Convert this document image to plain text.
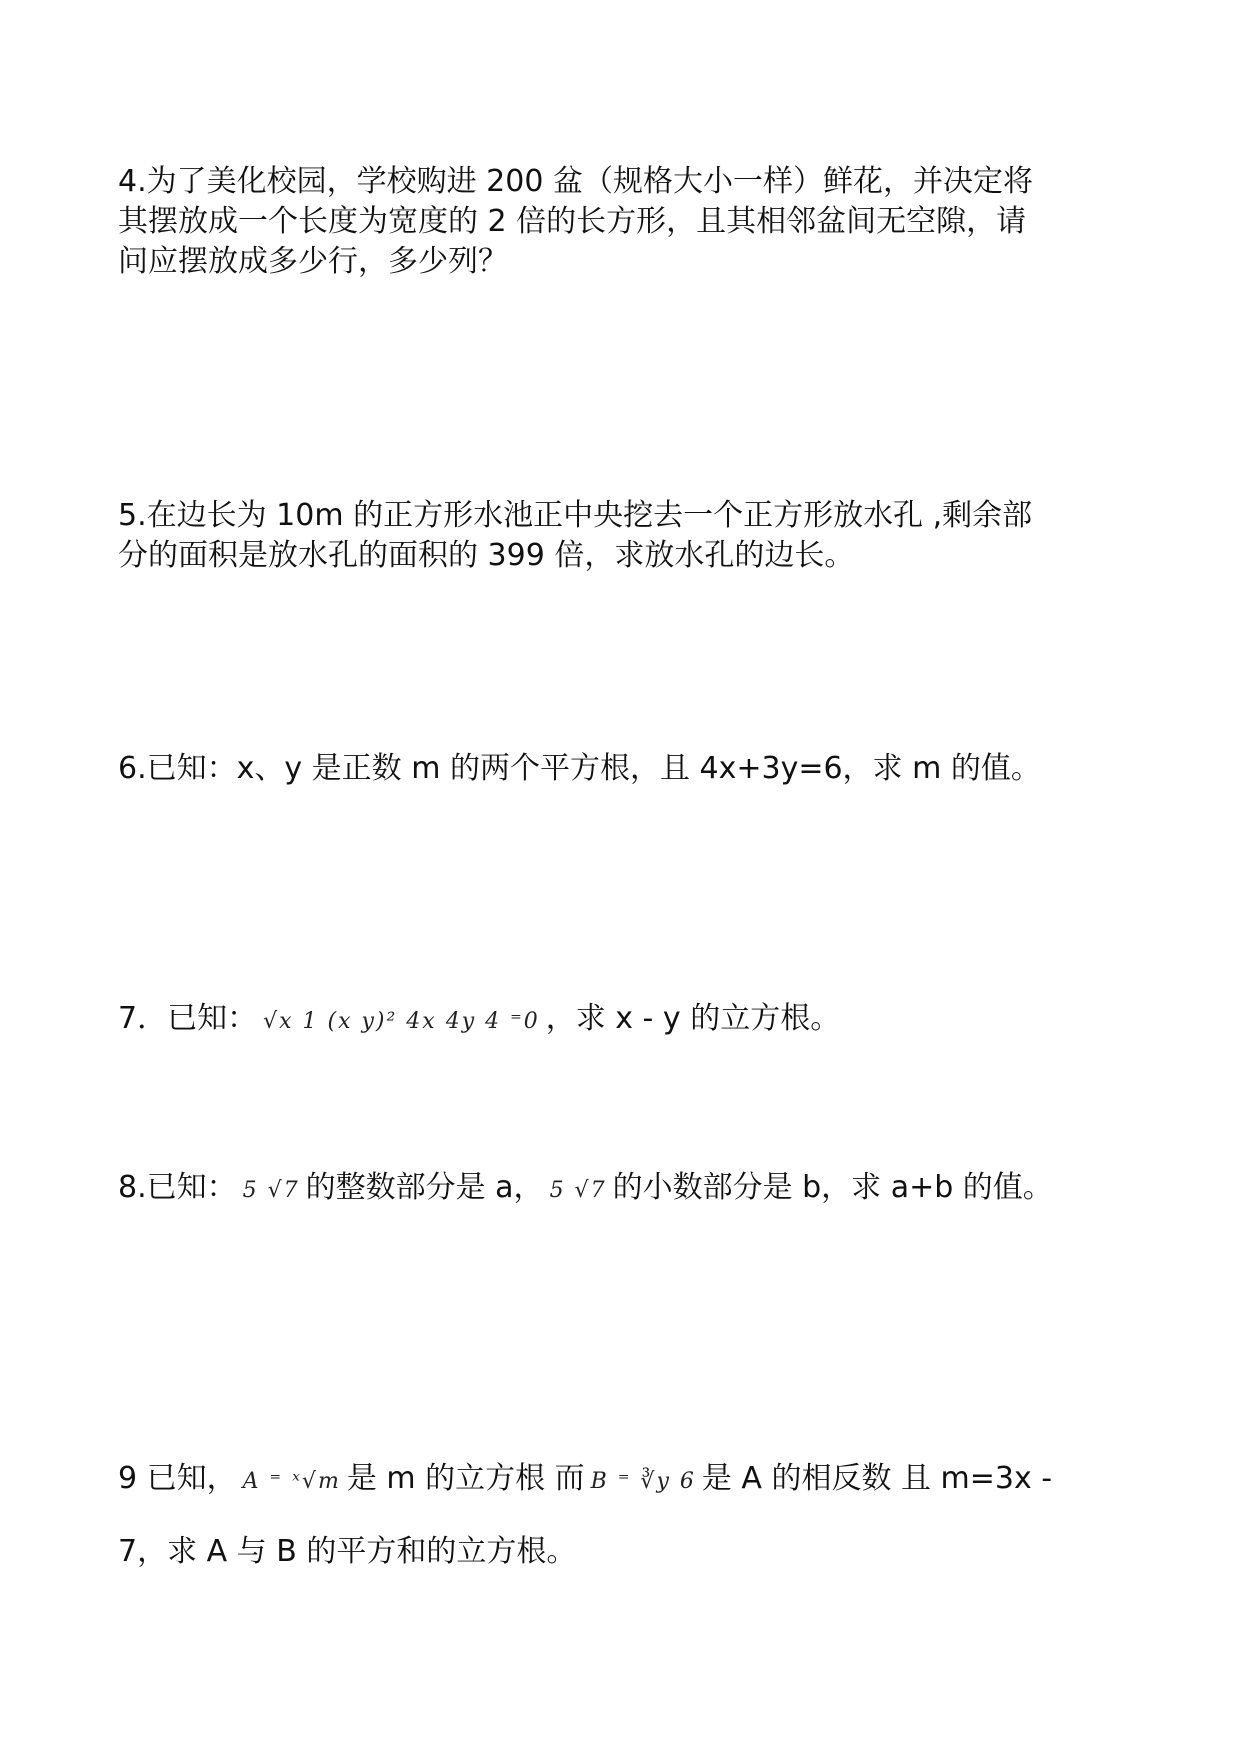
4.为了美化校园，学校购进 200 盆（规格大小一样）鲜花，并决定将
其摆放成一个长度为宽度的 2 倍的长方形，且其相邻盆间无空隙，请
问应摆放成多少行，多少列？
5.在边长为 10m 的正方形水池正中央挖去一个正方形放水孔 ,剩余部
分的面积是放水孔的面积的 399 倍，求放水孔的边长。
6.已知：x、y 是正数 m 的两个平方根，且 4x+3y=6，求 m 的值。
7．已知： √x 1 (x y)² 4x 4y 4 ⁼0 ，求 x - y 的立方根。
8.已知： 5 √7 的整数部分是 a， 5 √7 的小数部分是 b，求 a+b 的值。
9 已知， A ⁼ ˣ√m 是 m 的立方根 而 B ⁼ ∛y 6 是 A 的相反数 且 m=3x -
7，求 A 与 B 的平方和的立方根。
